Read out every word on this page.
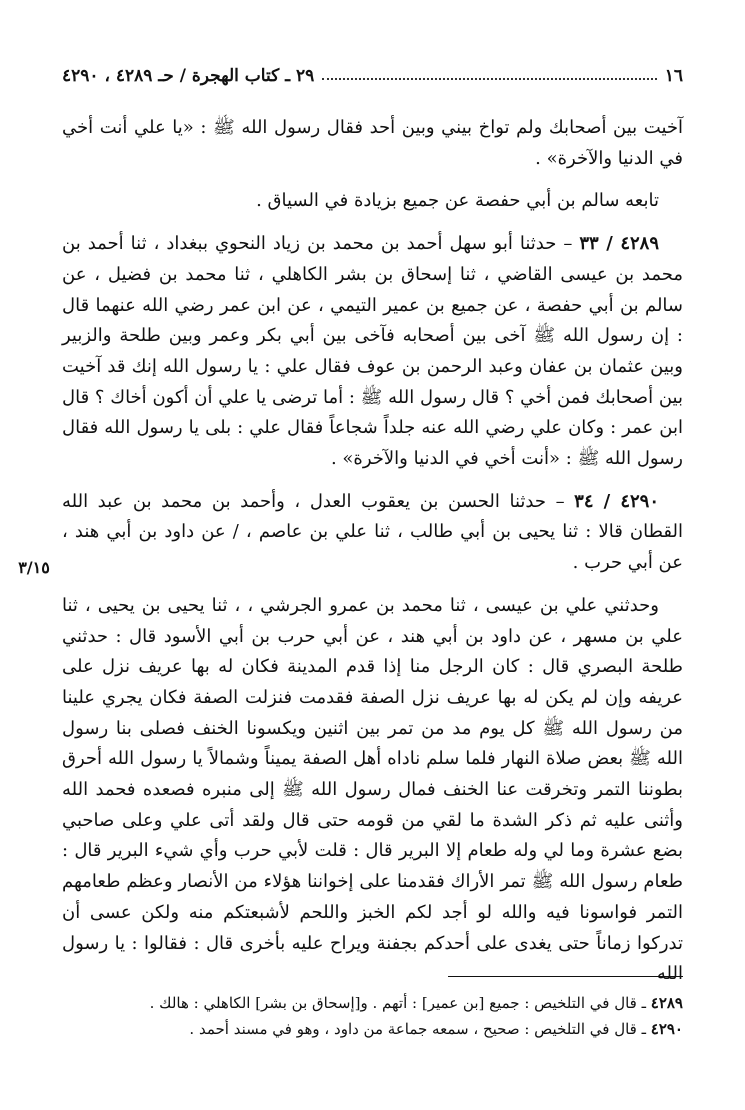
١٦
٢٩ ـ كتاب الهجرة / حـ ٤٢٨٩ ، ٤٢٩٠

آخيت بين أصحابك ولم تواخ بيني وبين أحد فقال رسول الله ﷺ : «يا علي أنت أخي في الدنيا والآخرة» .

تابعه سالم بن أبي حفصة عن جميع بزيادة في السياق .

٤٢٨٩ / ٣٣ – حدثنا أبو سهل أحمد بن محمد بن زياد النحوي ببغداد ، ثنا أحمد بن محمد بن عيسى القاضي ، ثنا إسحاق بن بشر الكاهلي ، ثنا محمد بن فضيل ، عن سالم بن أبي حفصة ، عن جميع بن عمير التيمي ، عن ابن عمر رضي الله عنهما قال : إن رسول الله ﷺ آخى بين أصحابه فآخى بين أبي بكر وعمر وبين طلحة والزبير وبين عثمان بن عفان وعبد الرحمن بن عوف فقال علي : يا رسول الله إنك قد آخيت بين أصحابك فمن أخي ؟ قال رسول الله ﷺ : أما ترضى يا علي أن أكون أخاك ؟ قال ابن عمر : وكان علي رضي الله عنه جلداً شجاعاً فقال علي : بلى يا رسول الله فقال رسول الله ﷺ : «أنت أخي في الدنيا والآخرة» .

٤٢٩٠ / ٣٤ – حدثنا الحسن بن يعقوب العدل ، وأحمد بن محمد بن عبد الله القطان قالا : ثنا يحيى بن أبي طالب ، ثنا علي بن عاصم ، / عن داود بن أبي هند ، عن أبي حرب .

وحدثني علي بن عيسى ، ثنا محمد بن عمرو الجرشي ، ، ثنا يحيى بن يحيى ، ثنا علي بن مسهر ، عن داود بن أبي هند ، عن أبي حرب بن أبي الأسود قال : حدثني طلحة البصري قال : كان الرجل منا إذا قدم المدينة فكان له بها عريف نزل على عريفه وإن لم يكن له بها عريف نزل الصفة فقدمت فنزلت الصفة فكان يجري علينا من رسول الله ﷺ كل يوم مد من تمر بين اثنين ويكسونا الخنف فصلى بنا رسول الله ﷺ بعض صلاة النهار فلما سلم ناداه أهل الصفة يميناً وشمالاً يا رسول الله أحرق بطوننا التمر وتخرقت عنا الخنف فمال رسول الله ﷺ إلى منبره فصعده فحمد الله وأثنى عليه ثم ذكر الشدة ما لقي من قومه حتى قال ولقد أتى علي وعلى صاحبي بضع عشرة وما لي وله طعام إلا البرير قال : قلت لأبي حرب وأي شيء البرير قال : طعام رسول الله ﷺ تمر الأراك فقدمنا على إخواننا هؤلاء من الأنصار وعظم طعامهم التمر فواسونا فيه والله لو أجد لكم الخبز واللحم لأشبعتكم منه ولكن عسى أن تدركوا زماناً حتى يغدى على أحدكم بجفنة ويراح عليه بأخرى قال : فقالوا : يا رسول الله

٣/١٥

٤٢٨٩ ـ قال في التلخيص : جميع [بن عمير] : أتهم . و[إسحاق بن بشر] الكاهلي : هالك .

٤٢٩٠ ـ قال في التلخيص : صحيح ، سمعه جماعة من داود ، وهو في مسند أحمد .
